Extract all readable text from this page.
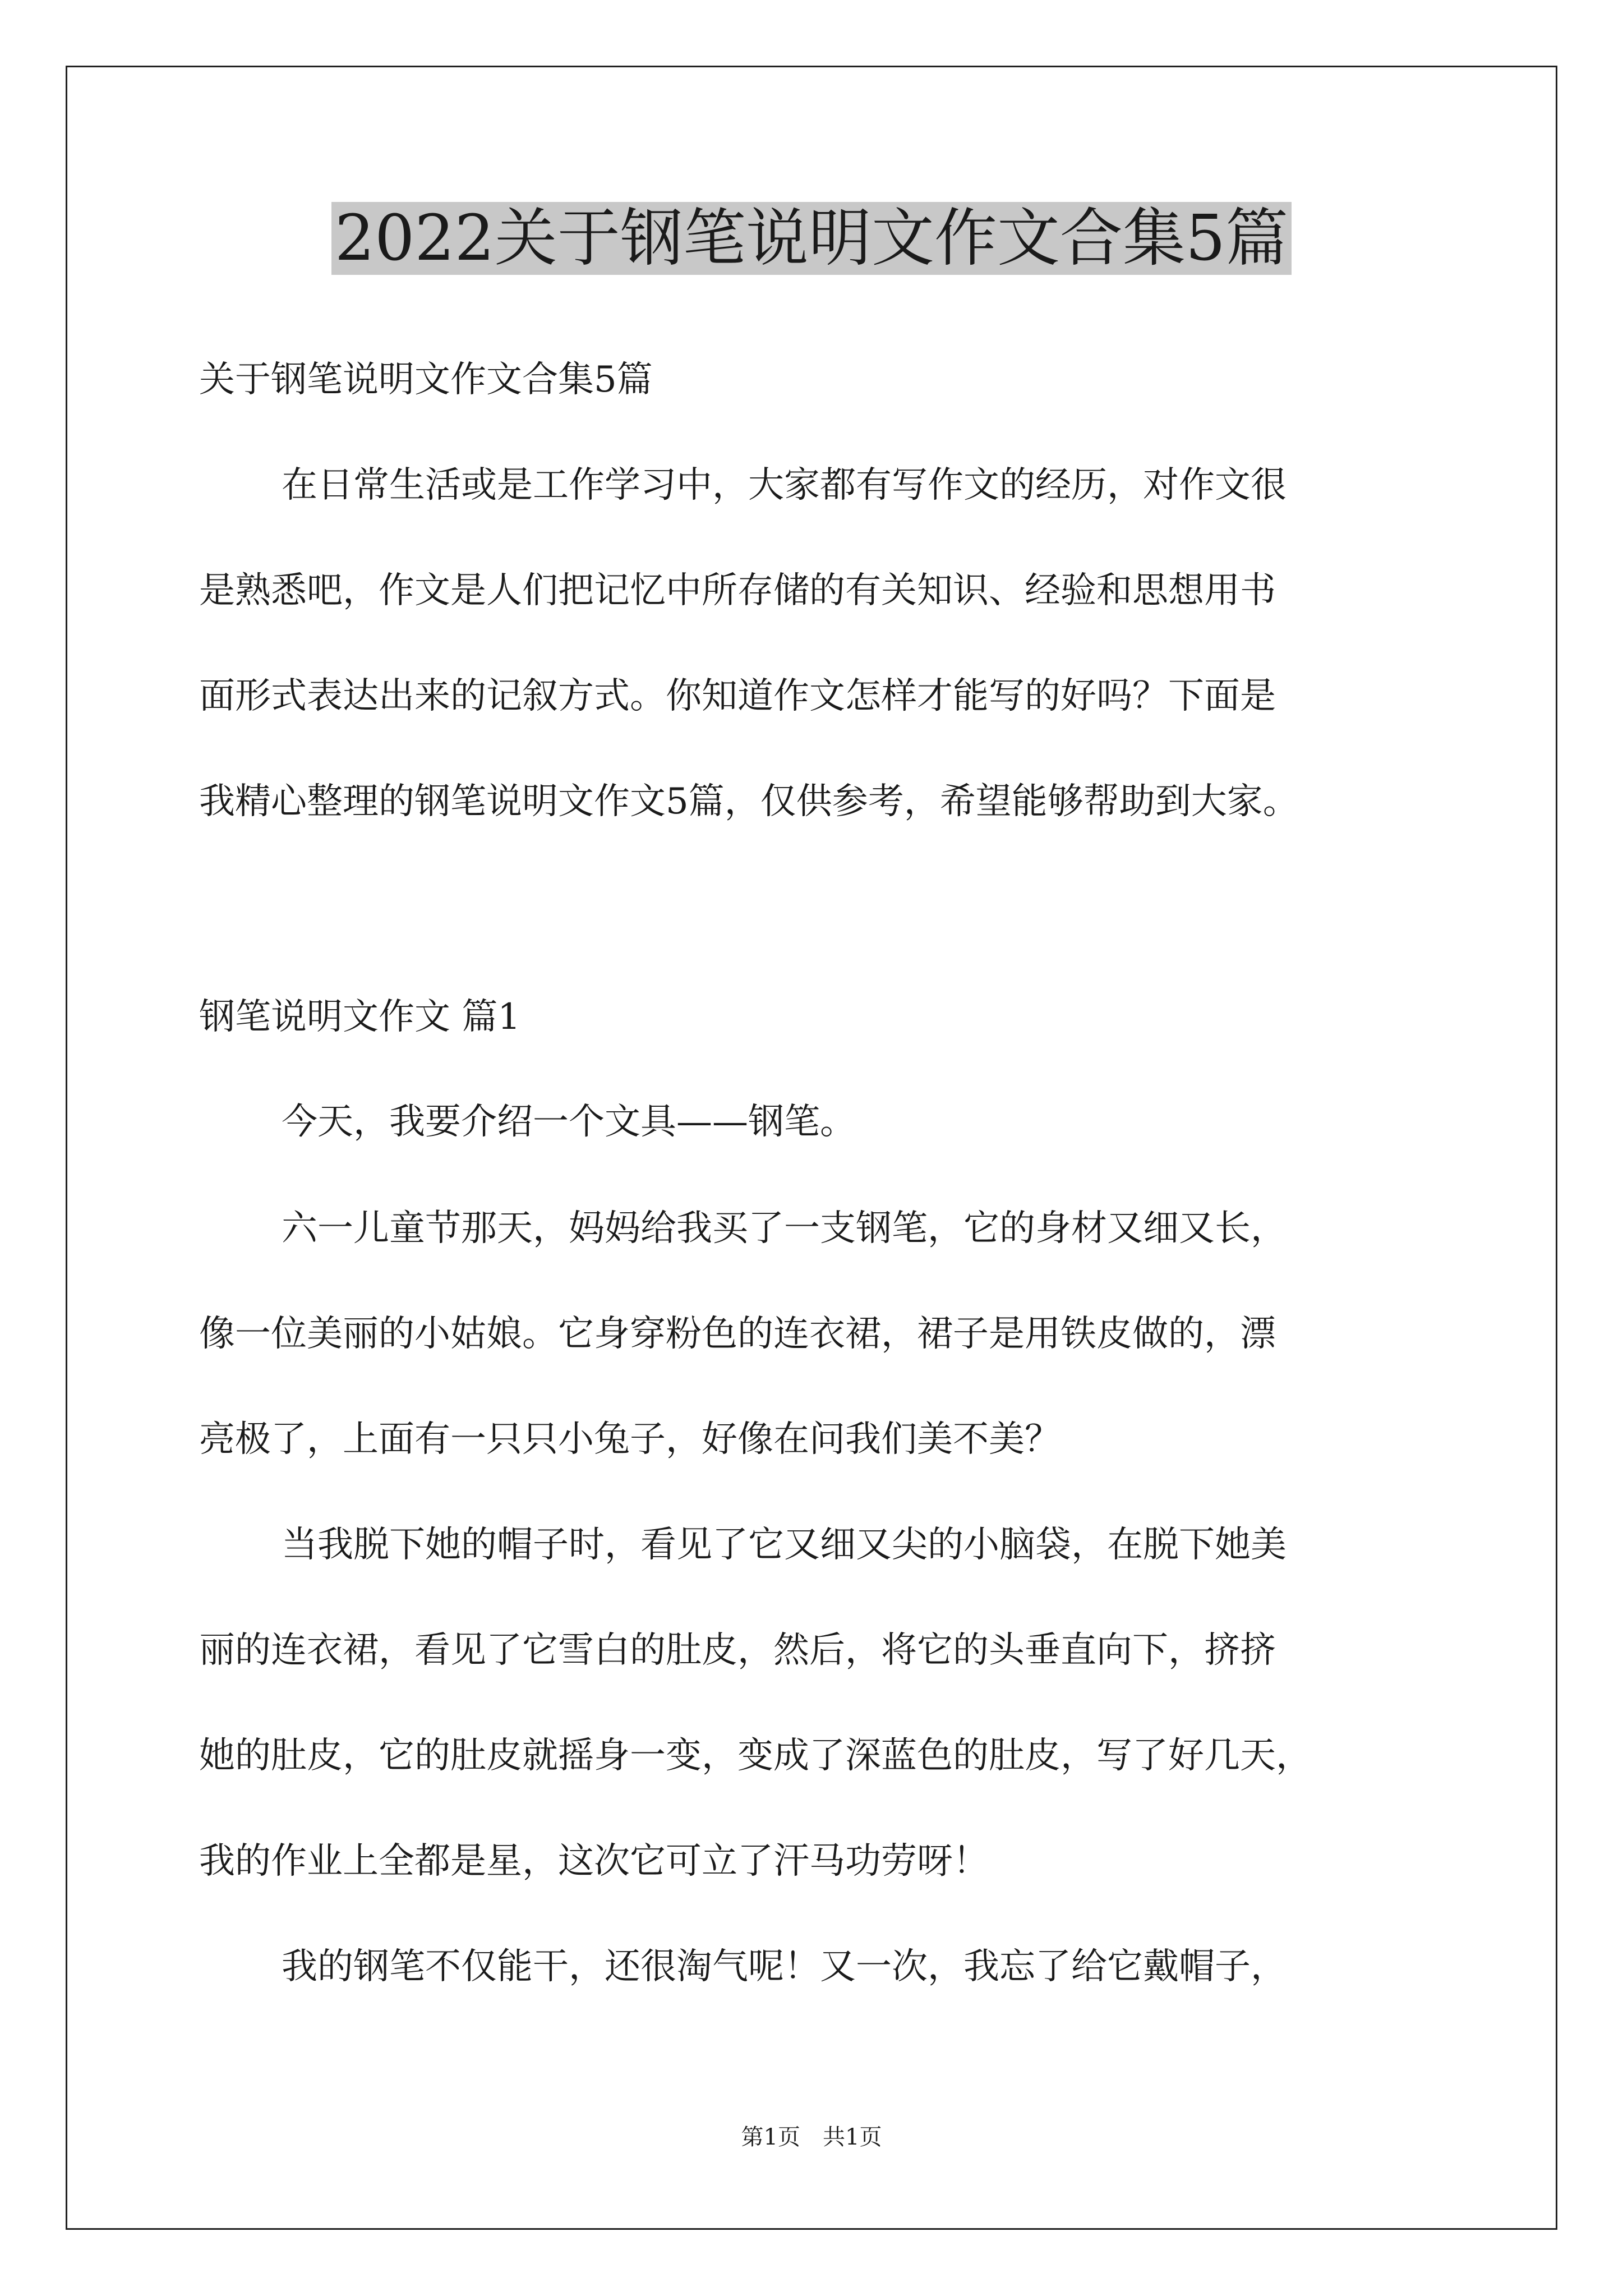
2022关于钢笔说明文作文合集5篇

关于钢笔说明文作文合集5篇

在日常生活或是工作学习中，大家都有写作文的经历，对作文很

是熟悉吧，作文是人们把记忆中所存储的有关知识、经验和思想用书

面形式表达出来的记叙方式。你知道作文怎样才能写的好吗？下面是

我精心整理的钢笔说明文作文5篇，仅供参考，希望能够帮助到大家。

钢笔说明文作文 篇1

今天，我要介绍一个文具——钢笔。

六一儿童节那天，妈妈给我买了一支钢笔，它的身材又细又长，

像一位美丽的小姑娘。它身穿粉色的连衣裙，裙子是用铁皮做的，漂

亮极了，上面有一只只小兔子，好像在问我们美不美？

当我脱下她的帽子时，看见了它又细又尖的小脑袋，在脱下她美

丽的连衣裙，看见了它雪白的肚皮，然后，将它的头垂直向下，挤挤

她的肚皮，它的肚皮就摇身一变，变成了深蓝色的肚皮，写了好几天，

我的作业上全都是星，这次它可立了汗马功劳呀！

我的钢笔不仅能干，还很淘气呢！又一次，我忘了给它戴帽子，

第1页　共1页
